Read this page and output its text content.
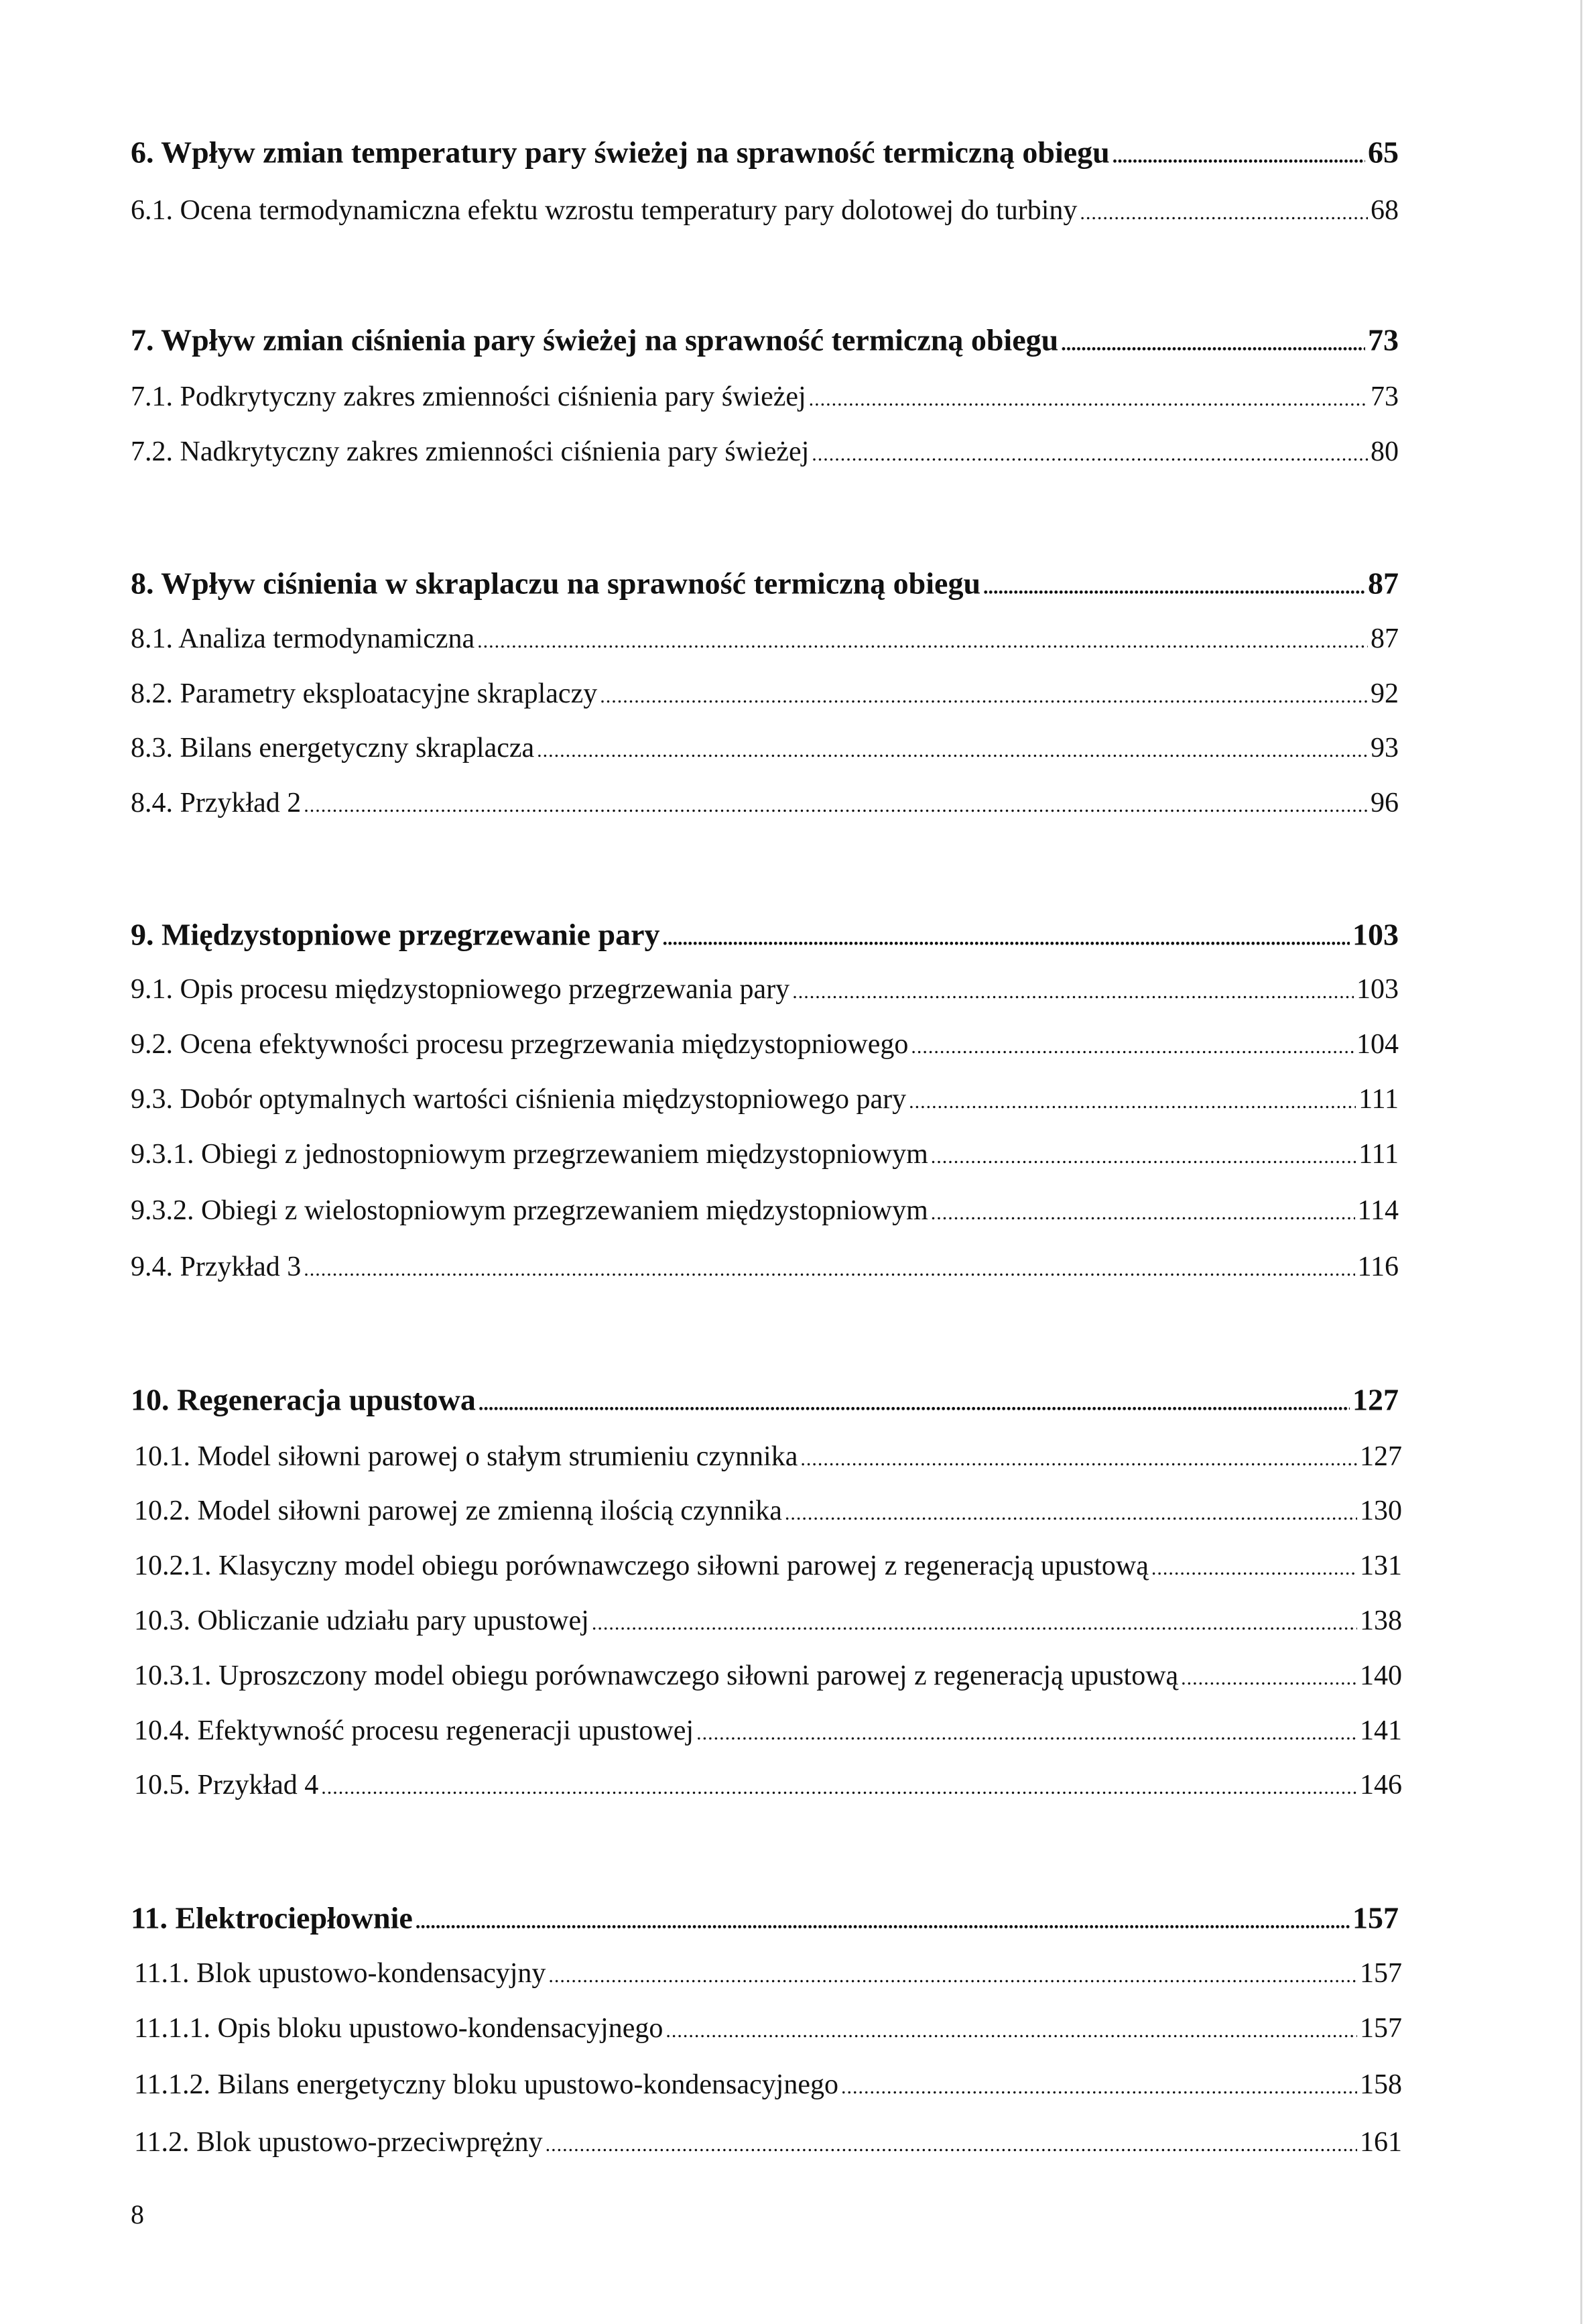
6. Wpływ zmian temperatury pary świeżej na sprawność termiczną obiegu .....	65
6.1. Ocena termodynamiczna efektu wzrostu temperatury pary dolotowej do turbiny .....	68
7. Wpływ zmian ciśnienia pary świeżej na sprawność termiczną obiegu .....	73
7.1. Podkrytyczny zakres zmienności ciśnienia pary świeżej .....	73
7.2. Nadkrytyczny zakres zmienności ciśnienia pary świeżej .....	80
8. Wpływ ciśnienia w skraplaczu na sprawność termiczną obiegu .....	87
8.1. Analiza termodynamiczna .....	87
8.2. Parametry eksploatacyjne skraplaczy .....	92
8.3. Bilans energetyczny skraplacza .....	93
8.4. Przykład 2 .....	96
9. Międzystopniowe przegrzewanie pary .....	103
9.1. Opis procesu międzystopniowego przegrzewania pary .....	103
9.2. Ocena efektywności procesu przegrzewania międzystopniowego .....	104
9.3. Dobór optymalnych wartości ciśnienia międzystopniowego pary .....	111
9.3.1. Obiegi z jednostopniowym przegrzewaniem międzystopniowym .....	111
9.3.2. Obiegi z wielostopniowym przegrzewaniem międzystopniowym .....	114
9.4. Przykład 3 .....	116
10. Regeneracja upustowa .....	127
10.1. Model siłowni parowej o stałym strumieniu czynnika .....	127
10.2. Model siłowni parowej ze zmienną ilością czynnika .....	130
10.2.1. Klasyczny model obiegu porównawczego siłowni parowej z regeneracją upustową .....	131
10.3. Obliczanie udziału pary upustowej .....	138
10.3.1. Uproszczony model obiegu porównawczego siłowni parowej z regeneracją upustową .....	140
10.4. Efektywność procesu regeneracji upustowej .....	141
10.5. Przykład 4 .....	146
11. Elektrociepłownie .....	157
11.1. Blok upustowo-kondensacyjny .....	157
11.1.1. Opis bloku upustowo-kondensacyjnego .....	157
11.1.2. Bilans energetyczny bloku upustowo-kondensacyjnego .....	158
11.2. Blok upustowo-przeciwprężny .....	161
8
